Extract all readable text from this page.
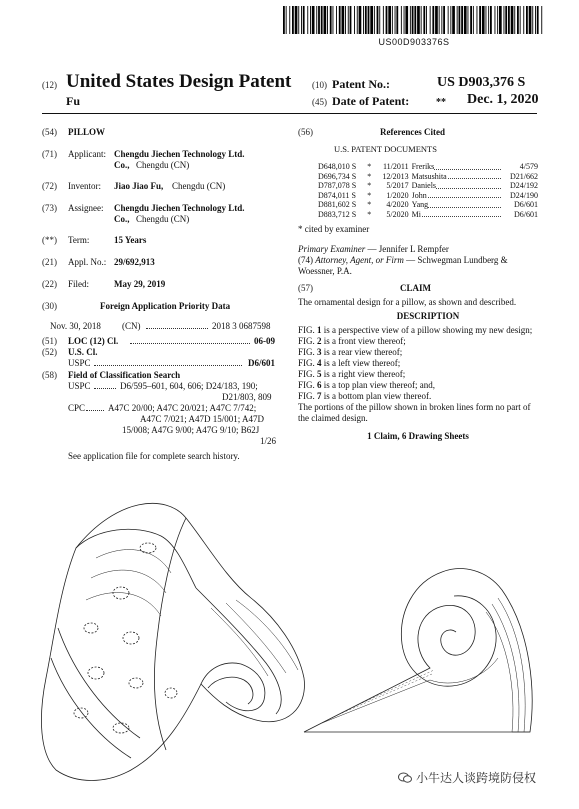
US00D903376S
(12) United States Design Patent
Fu
(10) Patent No.:	US D903,376 S
(45) Date of Patent:	** Dec. 1, 2020
(54) PILLOW
(71) Applicant: Chengdu Jiechen Technology Ltd.
Co., Chengdu (CN)
(72) Inventor: Jiao Jiao Fu, Chengdu (CN)
(73) Assignee: Chengdu Jiechen Technology Ltd.
Co., Chengdu (CN)
(**) Term:	15 Years
(21) Appl. No.: 29/692,913
(22) Filed:	May 29, 2019
(30)	Foreign Application Priority Data
Nov. 30, 2018 (CN)	2018 3 0687598
(51) LOC (12) Cl.	06-09
(52) U.S. Cl.
USPC	D6/601
(58) Field of Classification Search
USPC	D6/595–601, 604, 606; D24/183, 190;
D21/803, 809
CPC	A47C 20/00; A47C 20/021; A47C 7/742;
A47C 7/021; A47D 15/001; A47D
15/008; A47G 9/00; A47G 9/10; B62J
1/26
See application file for complete search history.
(56)	References Cited
U.S. PATENT DOCUMENTS
D648,010 S	*	11/2011	Freriks	4/579
D696,734 S	*	12/2013	Matsushita	D21/662
D787,078 S	*	5/2017	Daniels	D24/192
D874,011 S	*	1/2020	John	D24/190
D881,602 S	*	4/2020	Yang	D6/601
D883,712 S	*	5/2020	Mi	D6/601
* cited by examiner
Primary Examiner — Jennifer L Rempfer
(74) Attorney, Agent, or Firm — Schwegman Lundberg &
Woessner, P.A.
(57)	CLAIM
The ornamental design for a pillow, as shown and described.
DESCRIPTION

FIG. 1 is a perspective view of a pillow showing my new design;

FIG. 2 is a front view thereof;

FIG. 3 is a rear view thereof;

FIG. 4 is a left view thereof;

FIG. 5 is a right view thereof;

FIG. 6 is a top plan view thereof; and,

FIG. 7 is a bottom plan view thereof.

The portions of the pillow shown in broken lines form no part of the claimed design.
1 Claim, 6 Drawing Sheets
小牛达人谈跨境防侵权
